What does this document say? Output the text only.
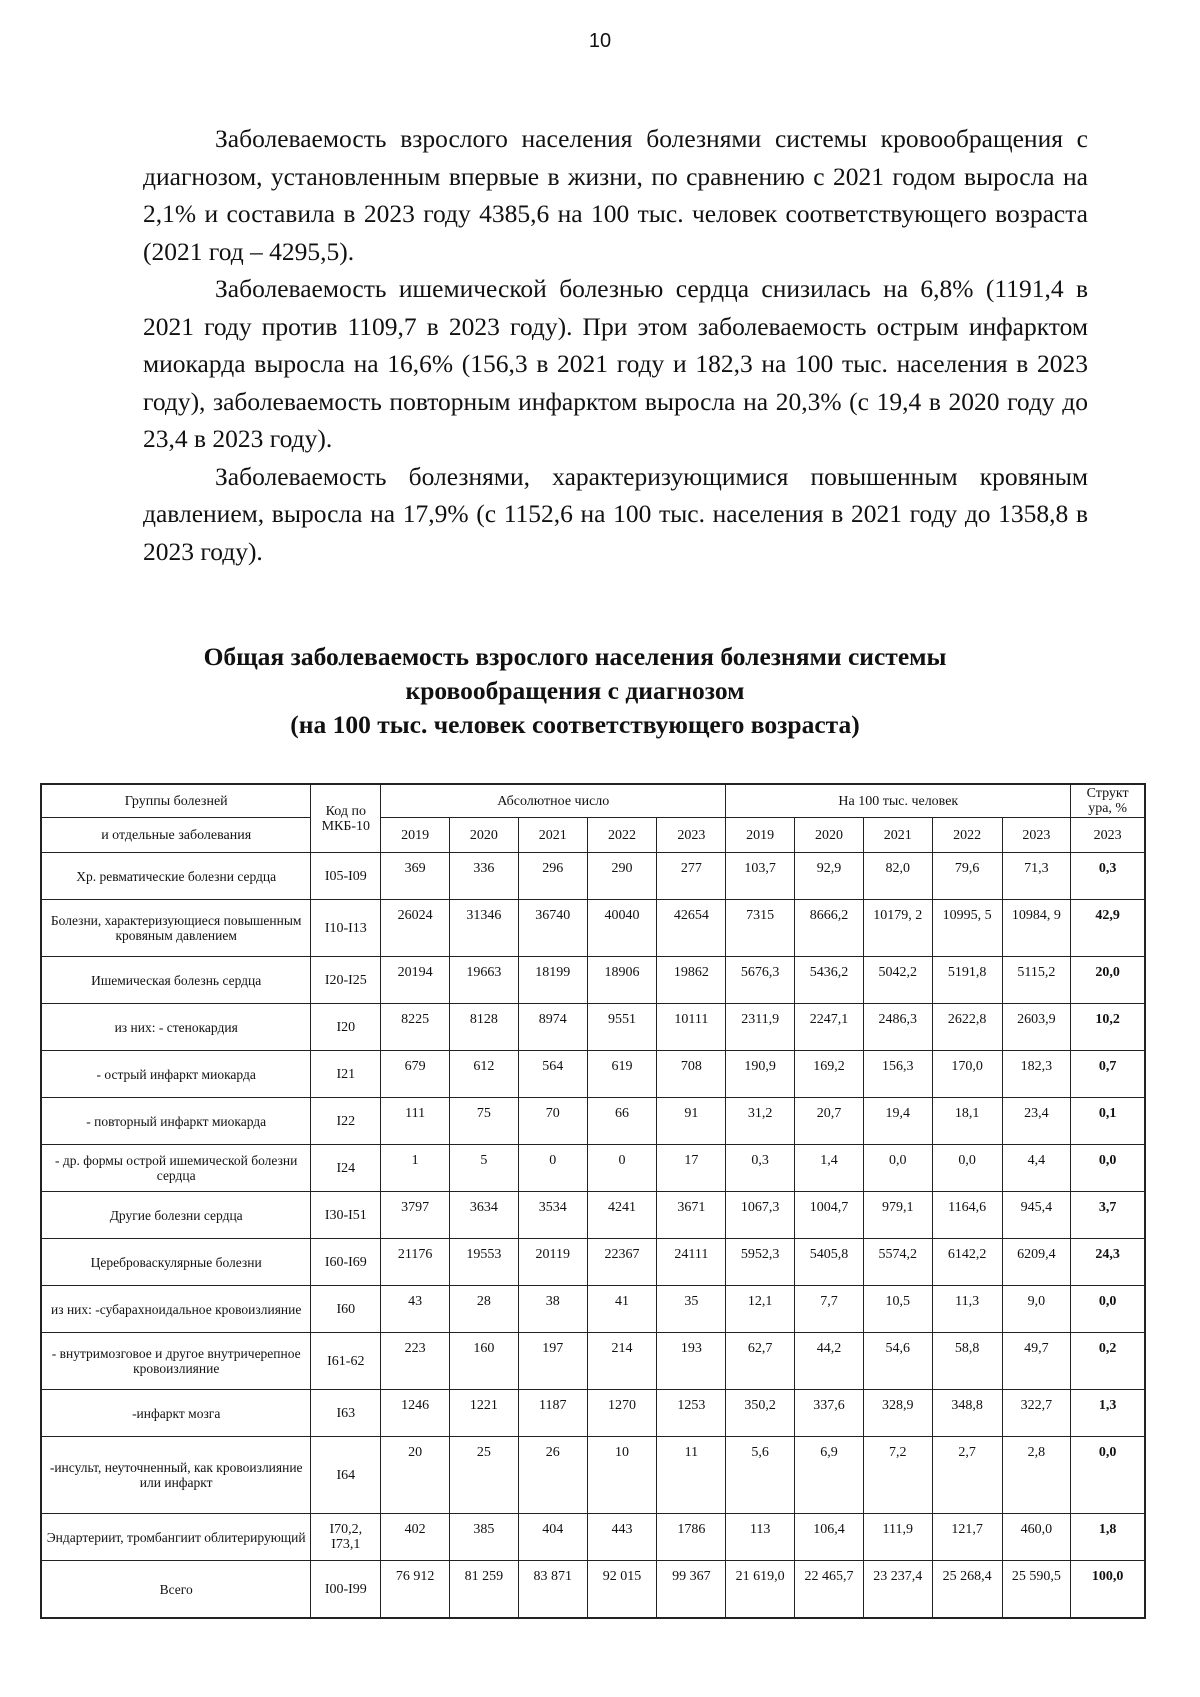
10

Заболеваемость взрослого населения болезнями системы кровообращения с диагнозом, установленным впервые в жизни, по сравнению с 2021 годом выросла на 2,1% и составила в 2023 году 4385,6 на 100 тыс. человек соответствующего возраста (2021 год – 4295,5).

Заболеваемость ишемической болезнью сердца снизилась на 6,8% (1191,4 в 2021 году против 1109,7 в 2023 году). При этом заболеваемость острым инфарктом миокарда выросла на 16,6% (156,3 в 2021 году и 182,3 на 100 тыс. населения в 2023 году), заболеваемость повторным инфарктом выросла на 20,3% (с 19,4 в 2020 году до 23,4 в 2023 году).

Заболеваемость болезнями, характеризующимися повышенным кровяным давлением, выросла на 17,9% (с 1152,6 на 100 тыс. населения в 2021 году до 1358,8 в 2023 году).

Общая заболеваемость взрослого населения болезнями системы
кровообращения с диагнозом
(на 100 тыс. человек соответствующего возраста)
Группы болезней	Код по МКБ-10	Абсолютное число					На 100 тыс. человек					Структ ура, %
и отдельные заболевания		2019	2020	2021	2022	2023	2019	2020	2021	2022	2023	2023
Хр. ревматические болезни сердца	I05-I09	369	336	296	290	277	103,7	92,9	82,0	79,6	71,3	0,3
Болезни, характеризующиеся повышенным кровяным давлением	I10-I13	26024	31346	36740	40040	42654	7315	8666,2	10179, 2	10995, 5	10984, 9	42,9
Ишемическая болезнь сердца	I20-I25	20194	19663	18199	18906	19862	5676,3	5436,2	5042,2	5191,8	5115,2	20,0
из них: - стенокардия	I20	8225	8128	8974	9551	10111	2311,9	2247,1	2486,3	2622,8	2603,9	10,2
- острый инфаркт миокарда	I21	679	612	564	619	708	190,9	169,2	156,3	170,0	182,3	0,7
- повторный инфаркт миокарда	I22	111	75	70	66	91	31,2	20,7	19,4	18,1	23,4	0,1
- др. формы острой ишемической болезни сердца	I24	1	5	0	0	17	0,3	1,4	0,0	0,0	4,4	0,0
Другие болезни сердца	I30-I51	3797	3634	3534	4241	3671	1067,3	1004,7	979,1	1164,6	945,4	3,7
Цереброваскулярные болезни	I60-I69	21176	19553	20119	22367	24111	5952,3	5405,8	5574,2	6142,2	6209,4	24,3
из них: -субарахноидальное кровоизлияние	I60	43	28	38	41	35	12,1	7,7	10,5	11,3	9,0	0,0
- внутримозговое и другое внутричерепное кровоизлияние	I61-62	223	160	197	214	193	62,7	44,2	54,6	58,8	49,7	0,2
-инфаркт мозга	I63	1246	1221	1187	1270	1253	350,2	337,6	328,9	348,8	322,7	1,3
-инсульт, неуточненный, как кровоизлияние или инфаркт	I64	20	25	26	10	11	5,6	6,9	7,2	2,7	2,8	0,0
Эндартериит, тромбангиит облитерирующий	I70,2, I73,1	402	385	404	443	1786	113	106,4	111,9	121,7	460,0	1,8
Всего	I00-I99	76 912	81 259	83 871	92 015	99 367	21 619,0	22 465,7	23 237,4	25 268,4	25 590,5	100,0
